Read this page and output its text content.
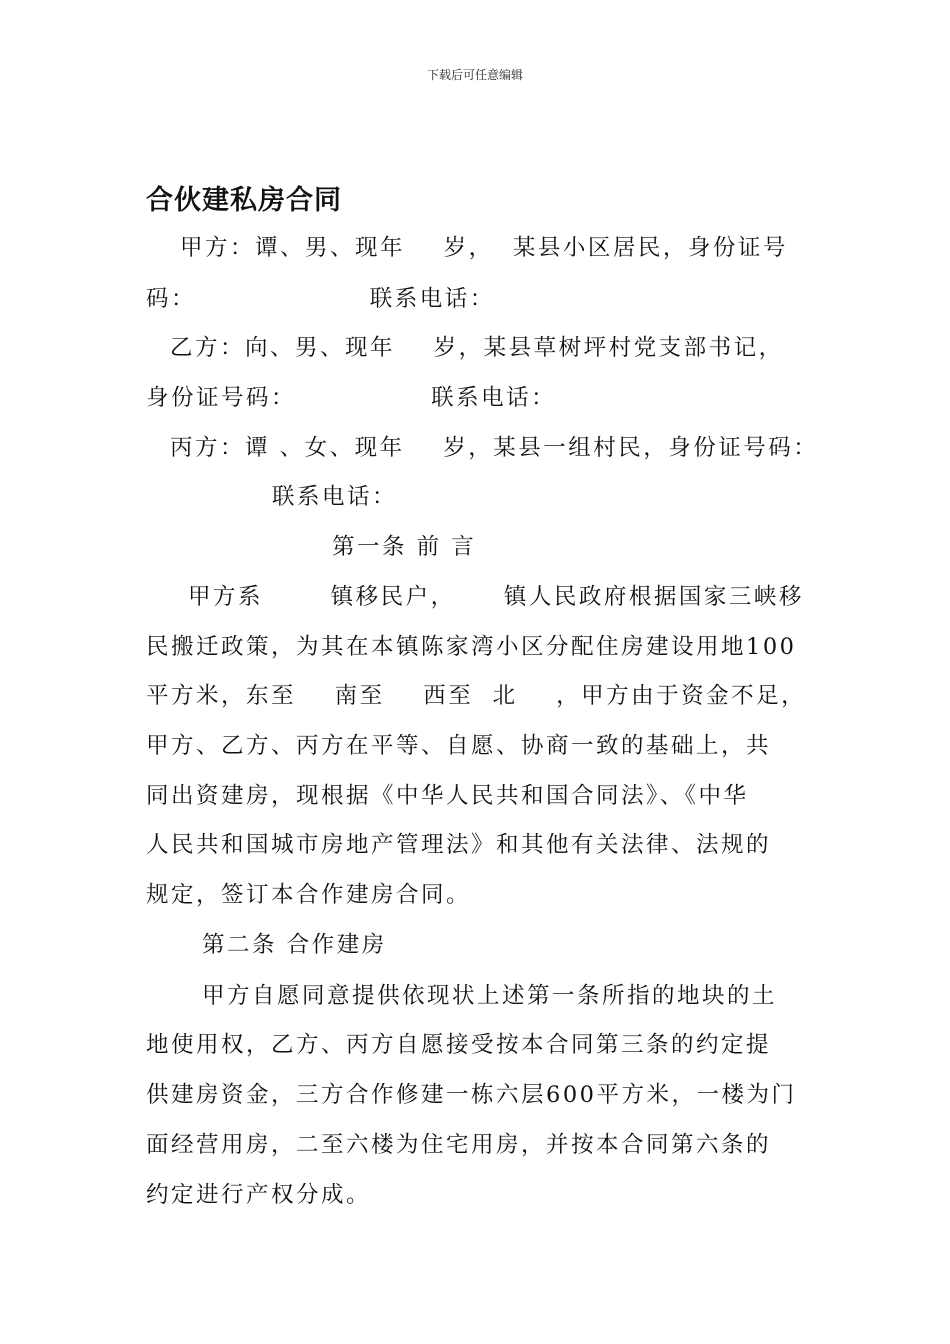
下载后可任意编辑
合伙建私房合同
甲方：谭、男、现年    岁，  某县小区居民，身份证号
码：                  联系电话：
乙方：向、男、现年    岁，某县草树坪村党支部书记，
身份证号码：              联系电话：
丙方：谭 、女、现年    岁，某县一组村民，身份证号码：
联系电话：
第一条 前 言
甲方系       镇移民户，     镇人民政府根据国家三峡移
民搬迁政策，为其在本镇陈家湾小区分配住房建设用地100
平方米，东至    南至    西至  北    ，甲方由于资金不足，
甲方、乙方、丙方在平等、自愿、协商一致的基础上，共
同出资建房，现根据《中华人民共和国合同法》、《中华
人民共和国城市房地产管理法》和其他有关法律、法规的
规定，签订本合作建房合同。
第二条 合作建房
甲方自愿同意提供依现状上述第一条所指的地块的土
地使用权，乙方、丙方自愿接受按本合同第三条的约定提
供建房资金，三方合作修建一栋六层600平方米，一楼为门
面经营用房，二至六楼为住宅用房，并按本合同第六条的
约定进行产权分成。
